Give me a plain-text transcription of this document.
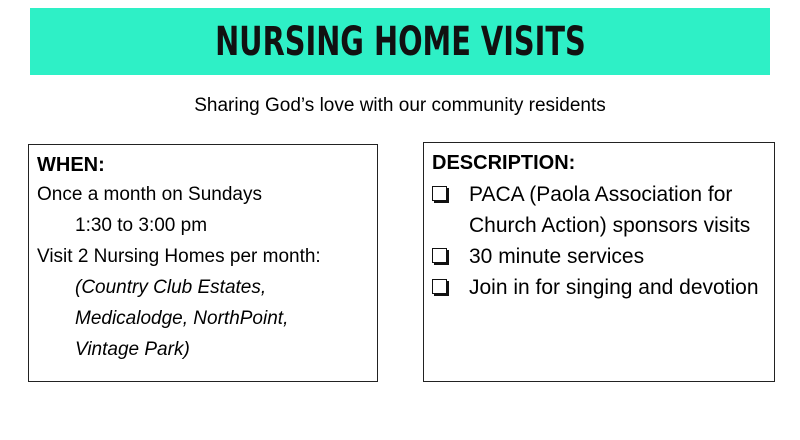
NURSING HOME VISITS
Sharing God’s love with our community residents
WHEN:
Once a month on Sundays
1:30 to 3:00 pm
Visit 2 Nursing Homes per month:
(Country Club Estates,
Medicalodge, NorthPoint,
Vintage Park)
DESCRIPTION:
PACA (Paola Association for Church Action) sponsors visits
30 minute services
Join in for singing and devotion
